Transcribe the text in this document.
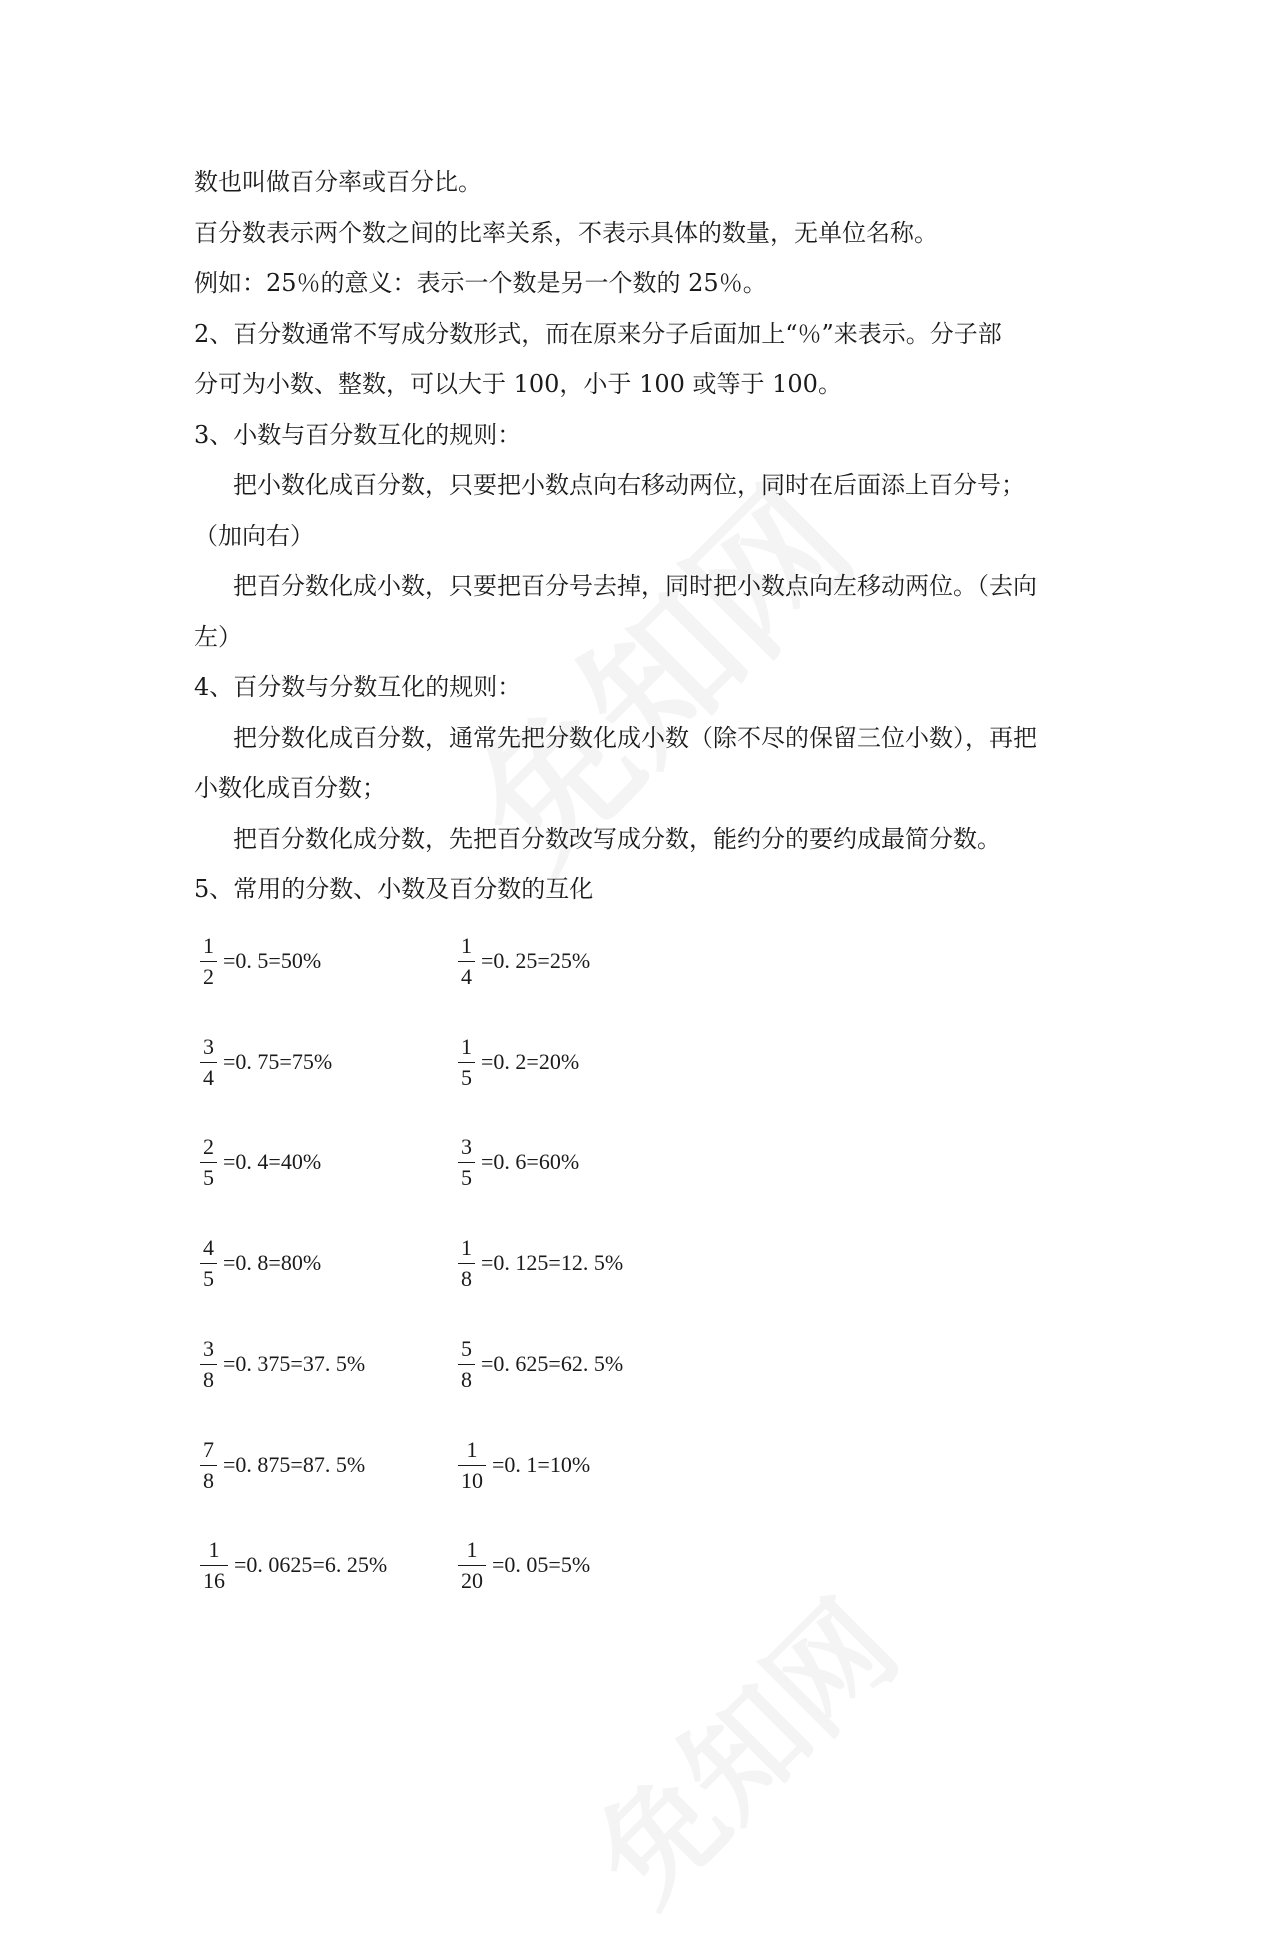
数也叫做百分率或百分比。
百分数表示两个数之间的比率关系，不表示具体的数量，无单位名称。
例如：25％的意义：表示一个数是另一个数的 25％。
2、百分数通常不写成分数形式，而在原来分子后面加上“％”来表示。分子部
分可为小数、整数，可以大于 100，小于 100 或等于 100。
3、小数与百分数互化的规则：
把小数化成百分数，只要把小数点向右移动两位，同时在后面添上百分号；
（加向右）
把百分数化成小数，只要把百分号去掉，同时把小数点向左移动两位。（去向
左）
4、百分数与分数互化的规则：
把分数化成百分数，通常先把分数化成小数（除不尽的保留三位小数），再把
小数化成百分数；
把百分数化成分数，先把百分数改写成分数，能约分的要约成最简分数。
5、常用的分数、小数及百分数的互化
$\frac{1}{2} =0$. 5=50%	$\frac{1}{4} =0$. 25=25%
$\frac{3}{4} =0$. 75=75%	$\frac{1}{5} =0$. 2=20%
$\frac{2}{5} =0$. 4=40%	$\frac{3}{5} =0$. 6=60%
$\frac{4}{5} =0$. 8=80%	$\frac{1}{8} =0$. 125=12. 5%
$\frac{3}{8} =0$. 375=37. 5%	$\frac{5}{8} =0$. 625=62. 5%
$\frac{7}{8} =0$. 875=87. 5%	$\frac{1}{10} =0$. 1=10%
$\frac{1}{16} =0$. 0625=6. 25%	$\frac{1}{20} =0$. 05=5%
